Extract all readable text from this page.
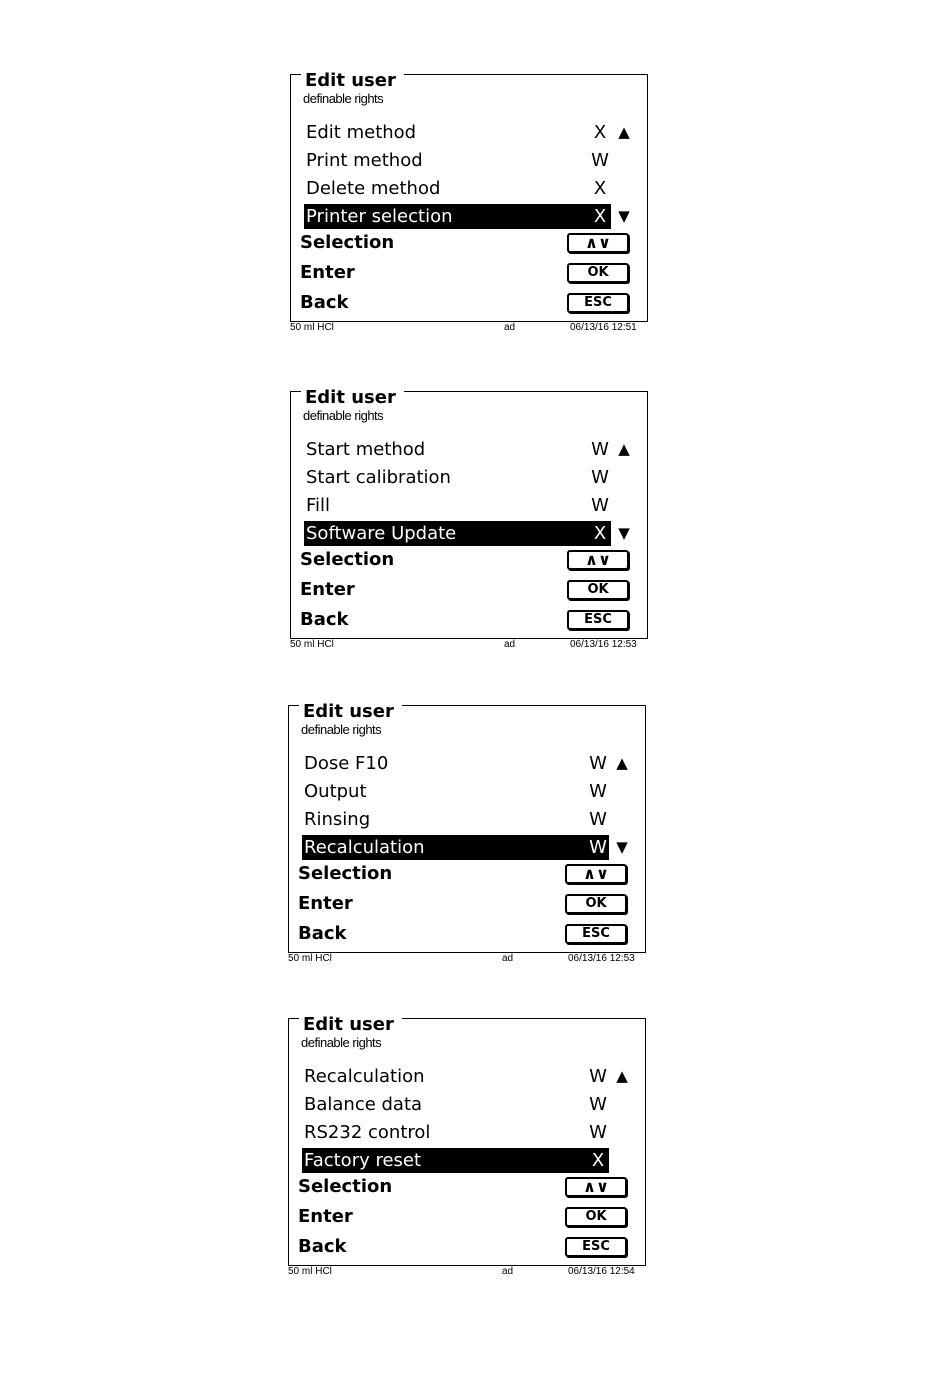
Edit user
definable rights
Edit method	X ▲
Print method	W
Delete method	X
Printer selection	X ▼
Selection	∧∨
Enter	OK
Back	ESC
50 ml HCl	ad	06/13/16 12:51
Edit user
definable rights
Start method	W ▲
Start calibration	W
Fill	W
Software Update	X ▼
Selection	∧∨
Enter	OK
Back	ESC
50 ml HCl	ad	06/13/16 12:53
Edit user
definable rights
Dose F10	W ▲
Output	W
Rinsing	W
Recalculation	W ▼
Selection	∧∨
Enter	OK
Back	ESC
50 ml HCl	ad	06/13/16 12:53
Edit user
definable rights
Recalculation	W ▲
Balance data	W
RS232 control	W
Factory reset	X
Selection	∧∨
Enter	OK
Back	ESC
50 ml HCl	ad	06/13/16 12:54
